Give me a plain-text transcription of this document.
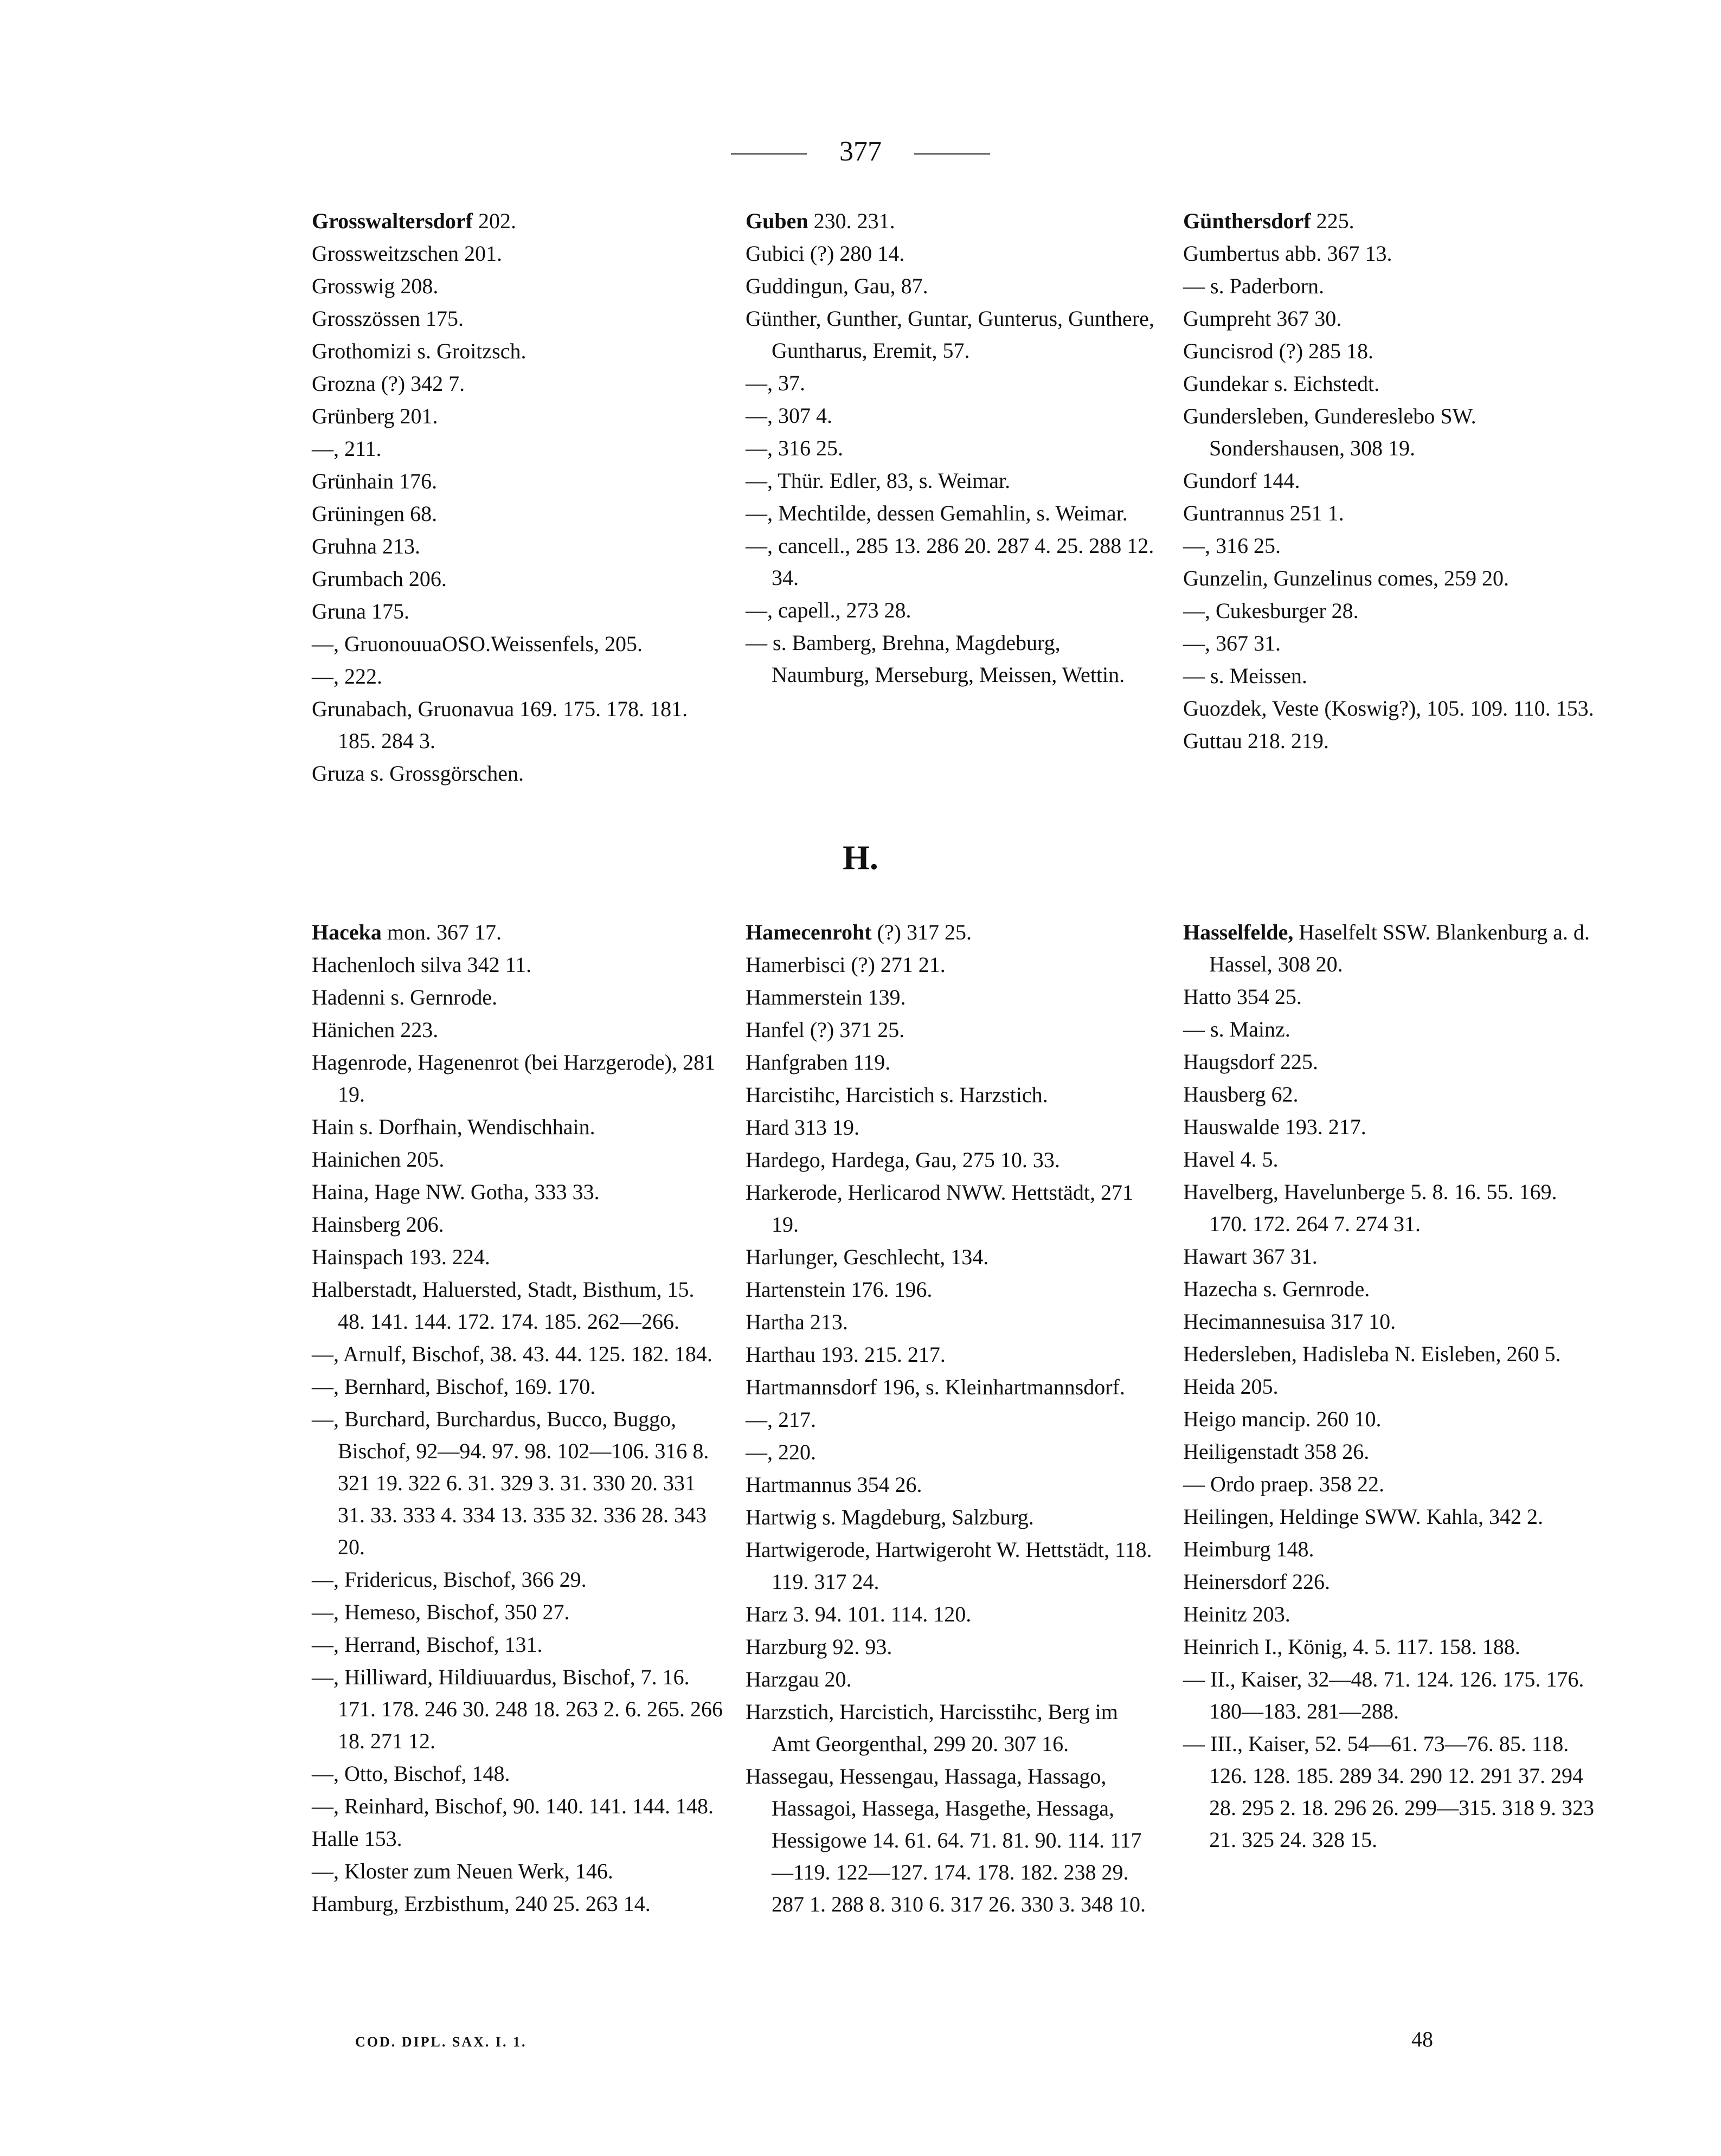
377
Grosswaltersdorf 202.
Grossweitzschen 201.
Grosswig 208.
Grosszössen 175.
Grothomizi s. Groitzsch.
Grozna (?) 342 7.
Grünberg 201.
—, 211.
Grünhain 176.
Grüningen 68.
Gruhna 213.
Grumbach 206.
Gruna 175.
—, GruonouuaOSO.Weissenfels, 205.
—, 222.
Grunabach, Gruonavua 169. 175. 178. 181. 185. 284 3.
Gruza s. Grossgörschen.
Guben 230. 231.
Gubici (?) 280 14.
Guddingun, Gau, 87.
Günther, Gunther, Guntar, Gunterus, Gunthere, Guntharus, Eremit, 57.
—, 37.
—, 307 4.
—, 316 25.
—, Thür. Edler, 83, s. Weimar.
—, Mechtilde, dessen Gemahlin, s. Weimar.
—, cancell., 285 13. 286 20. 287 4. 25. 288 12. 34.
—, capell., 273 28.
— s. Bamberg, Brehna, Magdeburg, Naumburg, Merseburg, Meissen, Wettin.
Günthersdorf 225.
Gumbertus abb. 367 13.
— s. Paderborn.
Gumpreht 367 30.
Guncisrod (?) 285 18.
Gundekar s. Eichstedt.
Gundersleben, Gundereslebo SW. Sondershausen, 308 19.
Gundorf 144.
Guntrannus 251 1.
—, 316 25.
Gunzelin, Gunzelinus comes, 259 20.
—, Cukesburger 28.
—, 367 31.
— s. Meissen.
Guozdek, Veste (Koswig?), 105. 109. 110. 153.
Guttau 218. 219.
H.
Haceka mon. 367 17.
Hachenloch silva 342 11.
Hadenni s. Gernrode.
Hänichen 223.
Hagenrode, Hagenenrot (bei Harzgerode), 281 19.
Hain s. Dorfhain, Wendischhain.
Hainichen 205.
Haina, Hage NW. Gotha, 333 33.
Hainsberg 206.
Hainspach 193. 224.
Halberstadt, Haluersted, Stadt, Bisthum, 15. 48. 141. 144. 172. 174. 185. 262—266.
—, Arnulf, Bischof, 38. 43. 44. 125. 182. 184.
—, Bernhard, Bischof, 169. 170.
—, Burchard, Burchardus, Bucco, Buggo, Bischof, 92—94. 97. 98. 102—106. 316 8. 321 19. 322 6. 31. 329 3. 31. 330 20. 331 31. 33. 333 4. 334 13. 335 32. 336 28. 343 20.
—, Fridericus, Bischof, 366 29.
—, Hemeso, Bischof, 350 27.
—, Herrand, Bischof, 131.
—, Hilliward, Hildiuuardus, Bischof, 7. 16. 171. 178. 246 30. 248 18. 263 2. 6. 265. 266 18. 271 12.
—, Otto, Bischof, 148.
—, Reinhard, Bischof, 90. 140. 141. 144. 148.
Halle 153.
—, Kloster zum Neuen Werk, 146.
Hamburg, Erzbisthum, 240 25. 263 14.
Hamecenroht (?) 317 25.
Hamerbisci (?) 271 21.
Hammerstein 139.
Hanfel (?) 371 25.
Hanfgraben 119.
Harcistihc, Harcistich s. Harzstich.
Hard 313 19.
Hardego, Hardega, Gau, 275 10. 33.
Harkerode, Herlicarod NWW. Hettstädt, 271 19.
Harlunger, Geschlecht, 134.
Hartenstein 176. 196.
Hartha 213.
Harthau 193. 215. 217.
Hartmannsdorf 196, s. Kleinhartmannsdorf.
—, 217.
—, 220.
Hartmannus 354 26.
Hartwig s. Magdeburg, Salzburg.
Hartwigerode, Hartwigeroht W. Hettstädt, 118. 119. 317 24.
Harz 3. 94. 101. 114. 120.
Harzburg 92. 93.
Harzgau 20.
Harzstich, Harcistich, Harcisstihc, Berg im Amt Georgenthal, 299 20. 307 16.
Hassegau, Hessengau, Hassaga, Hassago, Hassagoi, Hassega, Hasgethe, Hessaga, Hessigowe 14. 61. 64. 71. 81. 90. 114. 117—119. 122—127. 174. 178. 182. 238 29. 287 1. 288 8. 310 6. 317 26. 330 3. 348 10.
Hasselfelde, Haselfelt SSW. Blankenburg a. d. Hassel, 308 20.
Hatto 354 25.
— s. Mainz.
Haugsdorf 225.
Hausberg 62.
Hauswalde 193. 217.
Havel 4. 5.
Havelberg, Havelunberge 5. 8. 16. 55. 169. 170. 172. 264 7. 274 31.
Hawart 367 31.
Hazecha s. Gernrode.
Hecimannesuisa 317 10.
Hedersleben, Hadisleba N. Eisleben, 260 5.
Heida 205.
Heigo mancip. 260 10.
Heiligenstadt 358 26.
— Ordo praep. 358 22.
Heilingen, Heldinge SWW. Kahla, 342 2.
Heimburg 148.
Heinersdorf 226.
Heinitz 203.
Heinrich I., König, 4. 5. 117. 158. 188.
— II., Kaiser, 32—48. 71. 124. 126. 175. 176. 180—183. 281—288.
— III., Kaiser, 52. 54—61. 73—76. 85. 118. 126. 128. 185. 289 34. 290 12. 291 37. 294 28. 295 2. 18. 296 26. 299—315. 318 9. 323 21. 325 24. 328 15.
COD. DIPL. SAX. I. 1.	48
